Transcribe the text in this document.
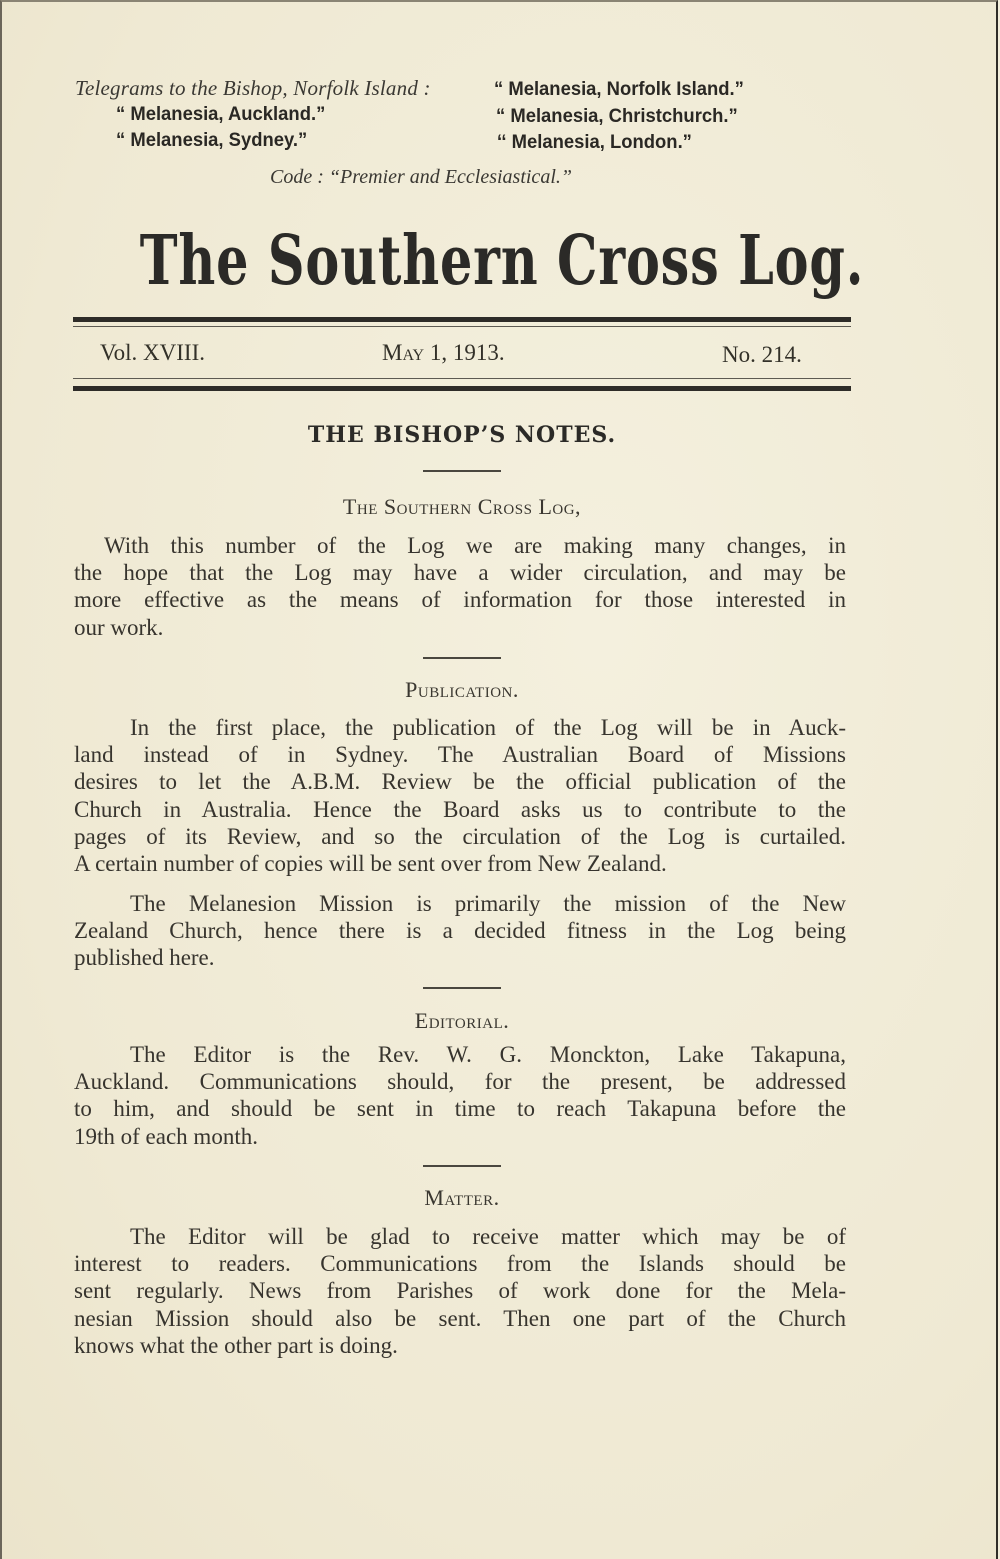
Telegrams to the Bishop, Norfolk Island :	“ Melanesia, Norfolk Island.”
“ Melanesia, Auckland.”	“ Melanesia, Christchurch.”
“ Melanesia, Sydney.”	‘‘ Melanesia, London.”
Code : “Premier and Ecclesiastical.”
The Southern Cross Log.
Vol. XVIII.	May 1, 1913.	No. 214.
THE BISHOP’S NOTES.
The Southern Cross Log,
With this number of the Log we are making many changes, in
the hope that the Log may have a wider circulation, and may be
more effective as the means of information for those interested in
our work.
Publication.
In the first place, the publication of the Log will be in Auck-
land instead of in Sydney. The Australian Board of Missions
desires to let the A.B.M. Review be the official publication of the
Church in Australia. Hence the Board asks us to contribute to the
pages of its Review, and so the circulation of the Log is curtailed.
A certain number of copies will be sent over from New Zealand.
The Melanesion Mission is primarily the mission of the New
Zealand Church, hence there is a decided fitness in the Log being
published here.
Editorial.
The Editor is the Rev. W. G. Monckton, Lake Takapuna,
Auckland. Communications should, for the present, be addressed
to him, and should be sent in time to reach Takapuna before the
19th of each month.
Matter.
The Editor will be glad to receive matter which may be of
interest to readers. Communications from the Islands should be
sent regularly. News from Parishes of work done for the Mela-
nesian Mission should also be sent. Then one part of the Church
knows what the other part is doing.
